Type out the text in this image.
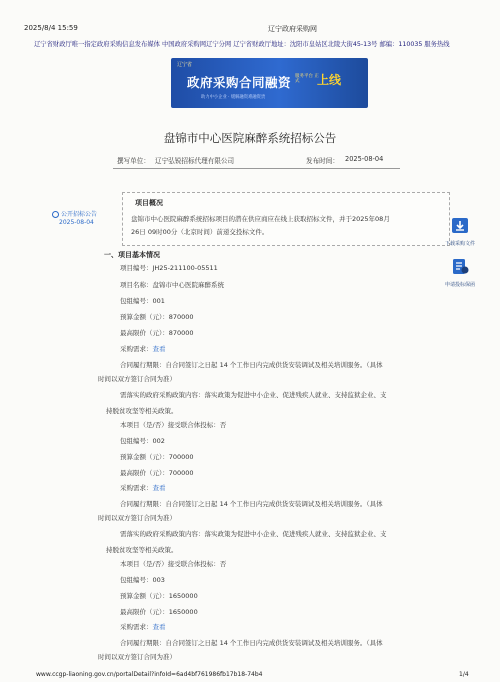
2025/8/4 15:59	辽宁政府采购网
辽宁省财政厅唯一指定政府采购信息发布媒体 中国政府采购网辽宁分网 辽宁省财政厅地址：沈阳市皇姑区北陵大街45-13号 邮编：110035 服务热线
辽宁省
政府采购合同融资 服务平台 正式	上线
助力中小企业 · 缓解融资难融资贵
盘锦市中心医院麻醉系统招标公告
撰写单位： 辽宁弘锐招标代理有限公司	发布时间： 2025-08-04
公开招标公告
2025-08-04
项目概况
盘锦市中心医院麻醉系统招标项目的潜在供应商应在线上获取招标文件，并于2025年08月
26日 09时00分（北京时间）前递交投标文件。
下载采购文件
申请投标保函
一、项目基本情况
项目编号：JH25-211100-05511
项目名称：盘锦市中心医院麻醉系统
包组编号：001
预算金额（元）：870000
最高限价（元）：870000
采购需求：查看
合同履行期限：自合同签订之日起 14 个工作日内完成供货安装调试及相关培训服务。（具体
时间以双方签订合同为准）
需落实的政府采购政策内容：落实政策为促进中小企业、促进残疾人就业、支持监狱企业、支
持脱贫攻坚等相关政策。
本项目（是/否）接受联合体投标：否
包组编号：002
预算金额（元）：700000
最高限价（元）：700000
采购需求：查看
合同履行期限：自合同签订之日起 14 个工作日内完成供货安装调试及相关培训服务。（具体
时间以双方签订合同为准）
需落实的政府采购政策内容：落实政策为促进中小企业、促进残疾人就业、支持监狱企业、支
持脱贫攻坚等相关政策。
本项目（是/否）接受联合体投标：否
包组编号：003
预算金额（元）：1650000
最高限价（元）：1650000
采购需求：查看
合同履行期限：自合同签订之日起 14 个工作日内完成供货安装调试及相关培训服务。（具体
时间以双方签订合同为准）
www.ccgp-liaoning.gov.cn/portalDetail?infoId=6ad4bf761986fb17b18-74b4	1/4
